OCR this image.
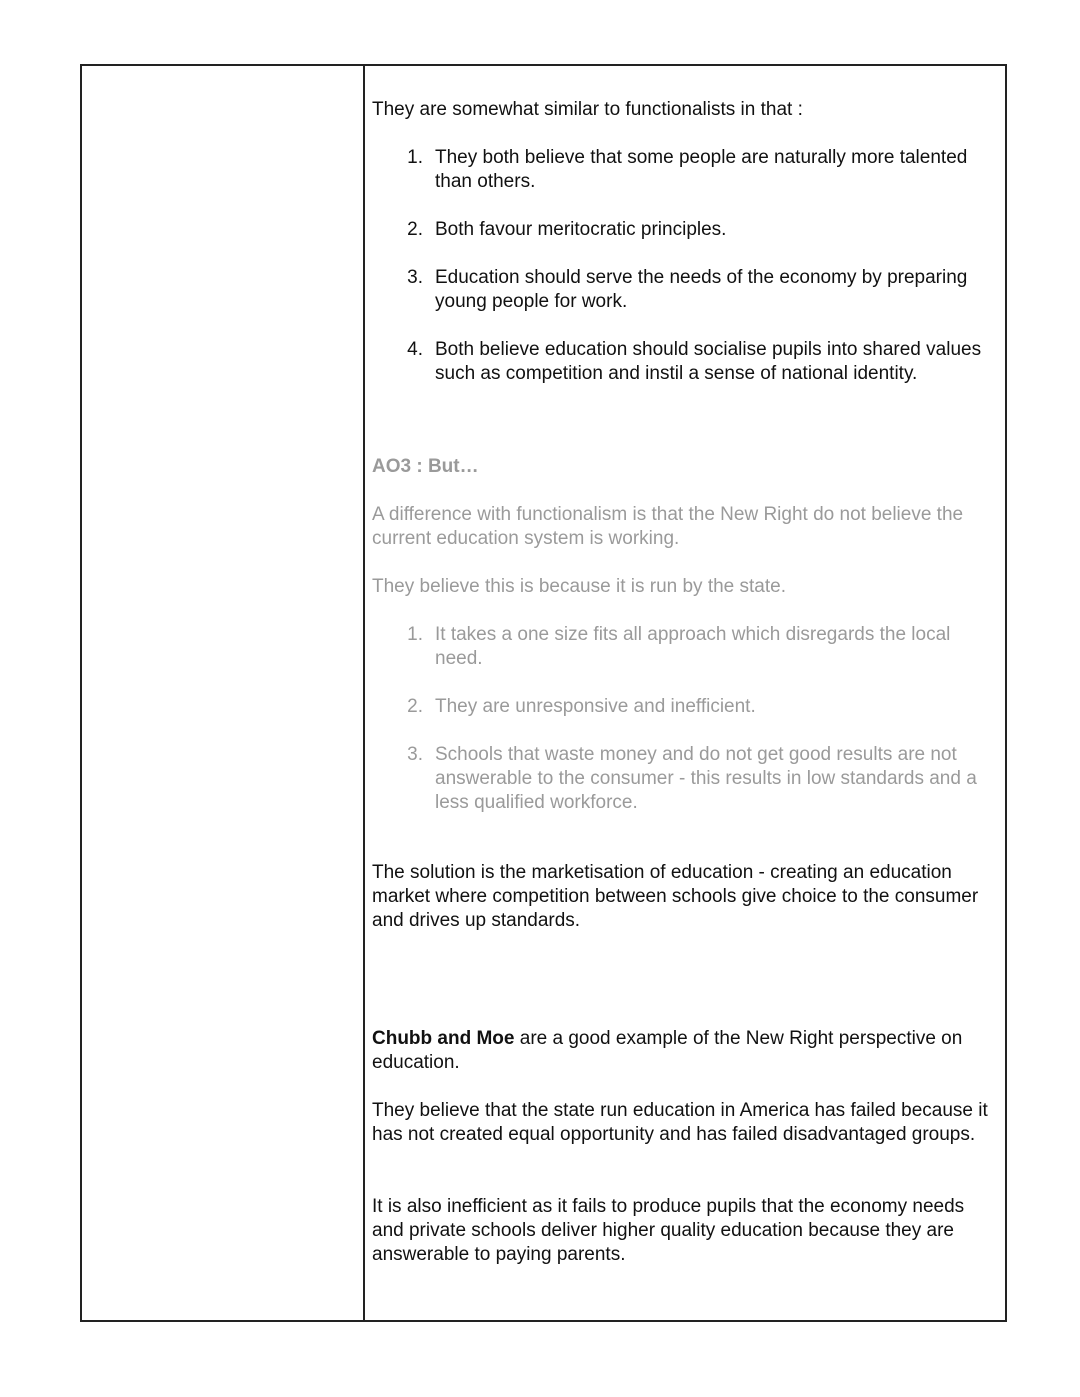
They are somewhat similar to functionalists in that :
1. They both believe that some people are naturally more talented than others.
2. Both favour meritocratic principles.
3. Education should serve the needs of the economy by preparing young people for work.
4. Both believe education should socialise pupils into shared values such as competition and instil a sense of national identity.
AO3 : But…
A difference with functionalism is that the New Right do not believe the current education system is working.
They believe this is because it is run by the state.
1. It takes a one size fits all approach which disregards the local need.
2. They are unresponsive and inefficient.
3. Schools that waste money and do not get good results are not answerable to the consumer - this results in low standards and a less qualified workforce.
The solution is the marketisation of education - creating an education market where competition between schools give choice to the consumer and drives up standards.
Chubb and Moe are a good example of the New Right perspective on education.
They believe that the state run education in America has failed because it has not created equal opportunity and has failed disadvantaged groups.
It is also inefficient as it fails to produce pupils that the economy needs and private schools deliver higher quality education because they are answerable to paying parents.
